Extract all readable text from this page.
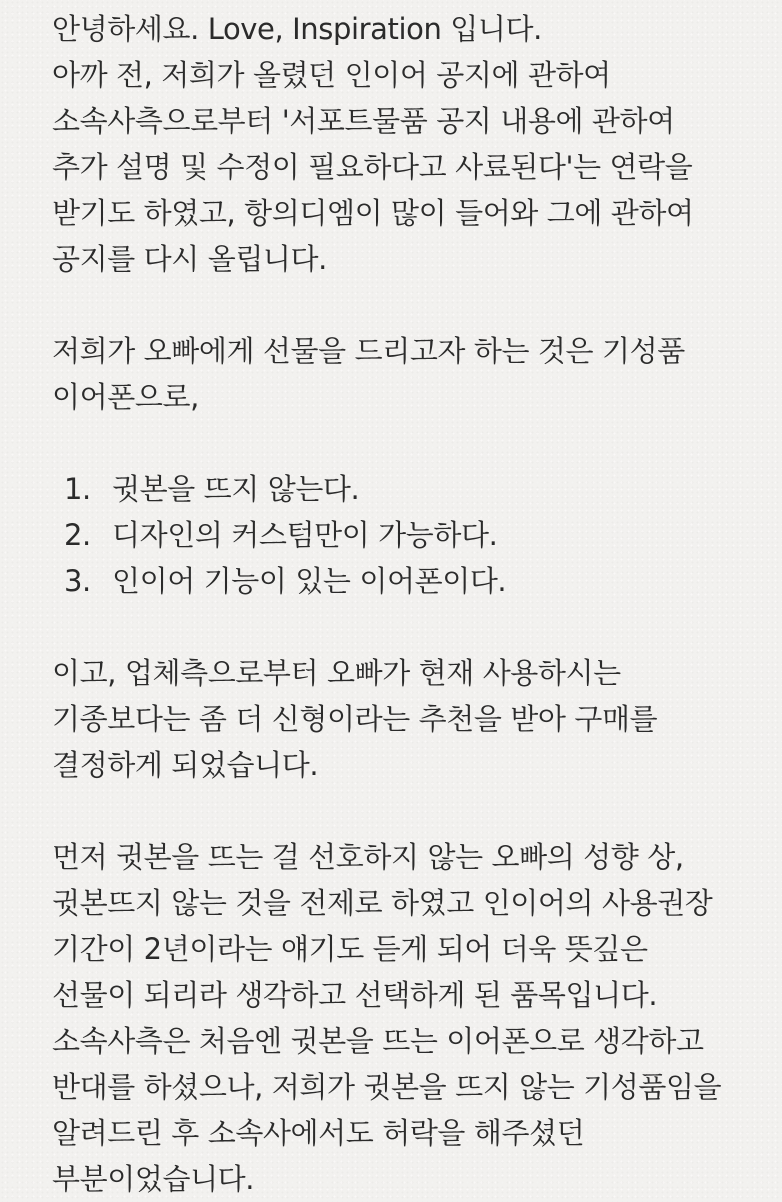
안녕하세요. Love, Inspiration 입니다.
아까 전, 저희가 올렸던 인이어 공지에 관하여
소속사측으로부터 '서포트물품 공지 내용에 관하여
추가 설명 및 수정이 필요하다고 사료된다'는 연락을
받기도 하였고, 항의디엠이 많이 들어와 그에 관하여
공지를 다시 올립니다.
저희가 오빠에게 선물을 드리고자 하는 것은 기성품
이어폰으로,
1. 귓본을 뜨지 않는다.
2. 디자인의 커스텀만이 가능하다.
3. 인이어 기능이 있는 이어폰이다.
이고, 업체측으로부터 오빠가 현재 사용하시는
기종보다는 좀 더 신형이라는 추천을 받아 구매를
결정하게 되었습니다.
먼저 귓본을 뜨는 걸 선호하지 않는 오빠의 성향 상,
귓본뜨지 않는 것을 전제로 하였고 인이어의 사용권장
기간이 2년이라는 얘기도 듣게 되어 더욱 뜻깊은
선물이 되리라 생각하고 선택하게 된 품목입니다.
소속사측은 처음엔 귓본을 뜨는 이어폰으로 생각하고
반대를 하셨으나, 저희가 귓본을 뜨지 않는 기성품임을
알려드린 후 소속사에서도 허락을 해주셨던
부분이었습니다.
